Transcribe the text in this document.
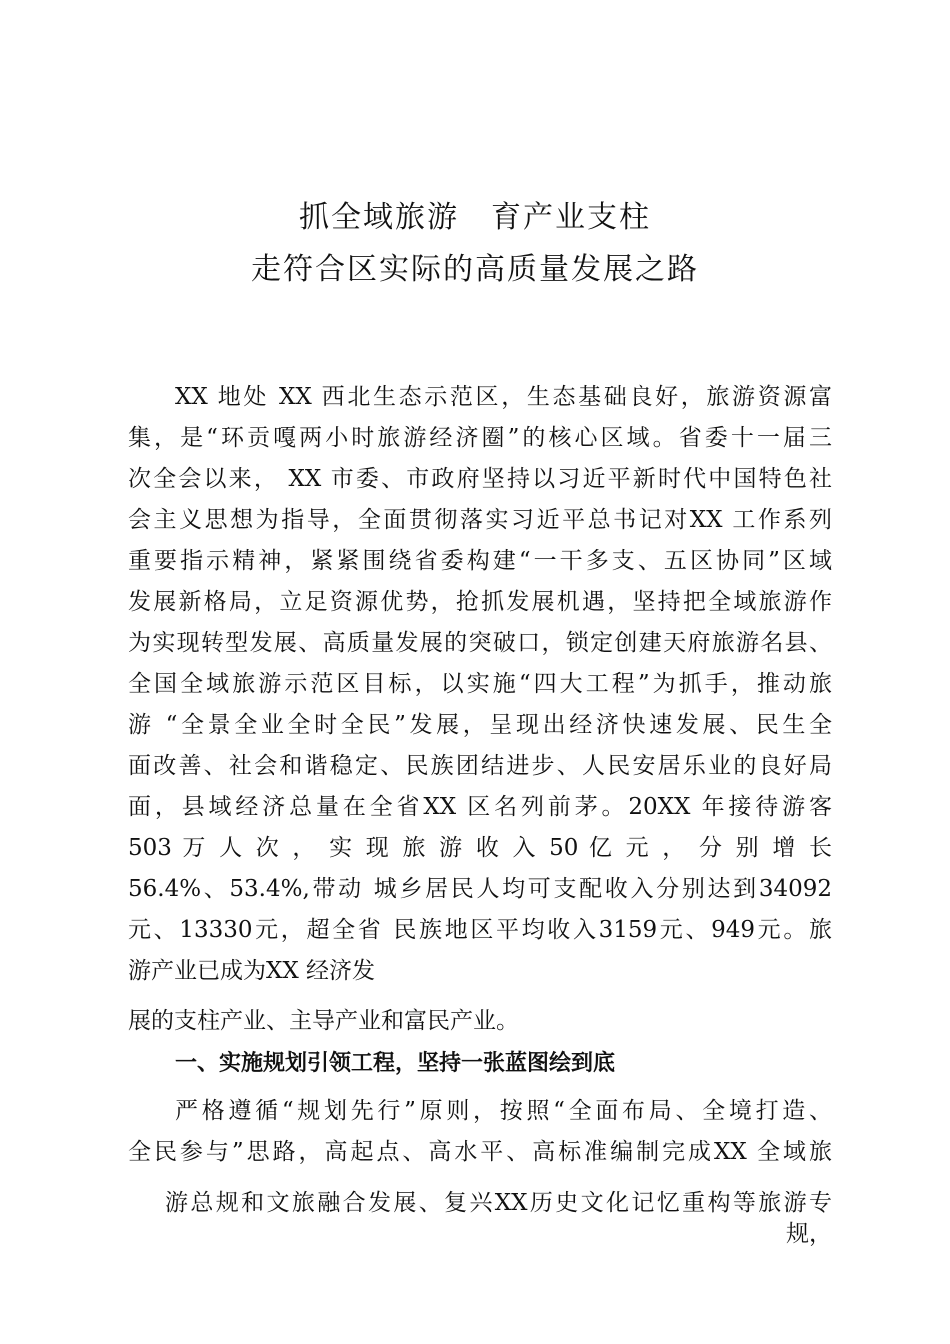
抓全域旅游　育产业支柱
走符合区实际的高质量发展之路
XX 地处 XX 西北生态示范区，生态基础良好，旅游资源富
集，是“环贡嘎两小时旅游经济圈”的核心区域。省委十一届三
次全会以来， XX 市委、市政府坚持以习近平新时代中国特色社
会主义思想为指导，全面贯彻落实习近平总书记对XX 工作系列
重要指示精神，紧紧围绕省委构建“一干多支、五区协同”区域
发展新格局，立足资源优势，抢抓发展机遇，坚持把全域旅游作
为实现转型发展、高质量发展的突破口，锁定创建天府旅游名县、
全国全域旅游示范区目标，以实施“四大工程”为抓手，推动旅
游 “全景全业全时全民”发展，呈现出经济快速发展、民生全
面改善、社会和谐稳定、民族团结进步、人民安居乐业的良好局
面，县域经济总量在全省XX 区名列前茅。20XX 年接待游客
503 万 人 次 ， 实 现 旅 游 收 入 50 亿 元 ， 分 别 增 长
56.4%、53.4%,带动 城乡居民人均可支配收入分别达到34092
元、13330元，超全省 民族地区平均收入3159元、949元。旅
游产业已成为XX 经济发
展的支柱产业、主导产业和富民产业。
一、实施规划引领工程，坚持一张蓝图绘到底
严格遵循“规划先行”原则，按照“全面布局、全境打造、
全民参与”思路，高起点、高水平、高标准编制完成XX 全域旅
游总规和文旅融合发展、复兴XX历史文化记忆重构等旅游专
规，
